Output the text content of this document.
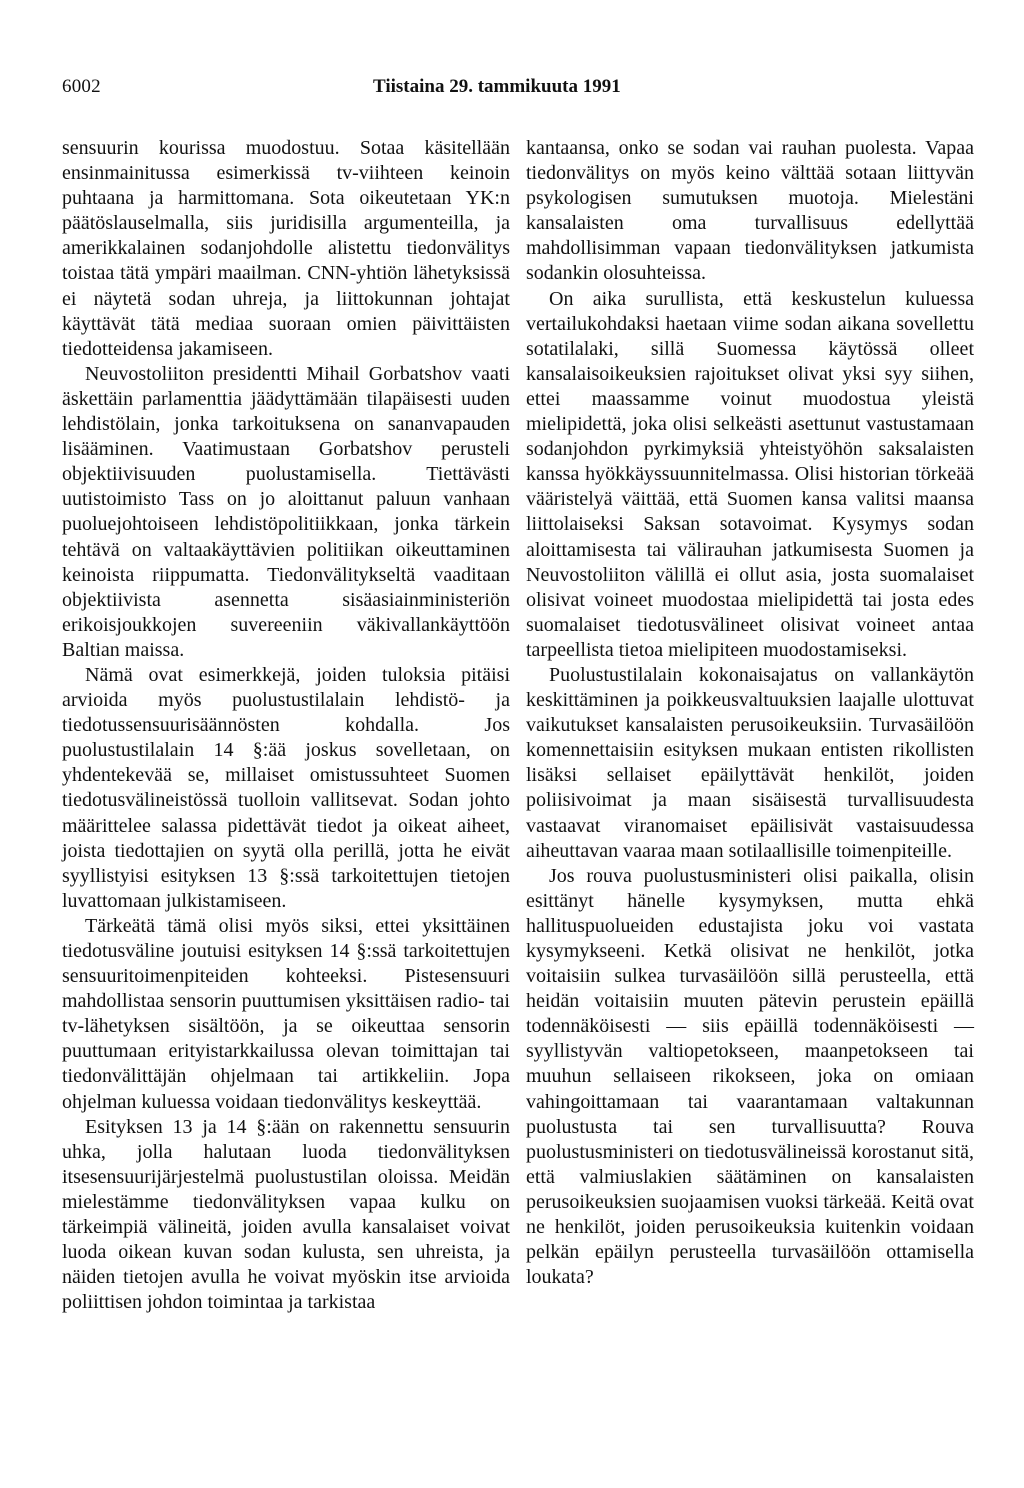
6002	Tiistaina 29. tammikuuta 1991

sensuurin kourissa muodostuu. Sotaa käsitellään ensinmainitussa esimerkissä tv-viihteen keinoin puhtaana ja harmittomana. Sota oikeutetaan YK:n päätöslauselmalla, siis juridisilla argumenteilla, ja amerikkalainen sodanjohdolle alistettu tiedonvälitys toistaa tätä ympäri maailman. CNN-yhtiön lähetyksissä ei näytetä sodan uhreja, ja liittokunnan johtajat käyttävät tätä mediaa suoraan omien päivittäisten tiedotteidensa jakamiseen.

Neuvostoliiton presidentti Mihail Gorbatshov vaati äskettäin parlamenttia jäädyttämään tilapäisesti uuden lehdistölain, jonka tarkoituksena on sananvapauden lisääminen. Vaatimustaan Gorbatshov perusteli objektiivisuuden puolustamisella. Tiettävästi uutistoimisto Tass on jo aloittanut paluun vanhaan puoluejohtoiseen lehdistöpolitiikkaan, jonka tärkein tehtävä on valtaakäyttävien politiikan oikeuttaminen keinoista riippumatta. Tiedonvälitykseltä vaaditaan objektiivista asennetta sisäasiainministeriön erikoisjoukkojen suvereeniin väkivallankäyttöön Baltian maissa.

Nämä ovat esimerkkejä, joiden tuloksia pitäisi arvioida myös puolustustilalain lehdistö- ja tiedotussensuurisäännösten kohdalla. Jos puolustustilalain 14 §:ää joskus sovelletaan, on yhdentekevää se, millaiset omistussuhteet Suomen tiedotusvälineistössä tuolloin vallitsevat. Sodan johto määrittelee salassa pidettävät tiedot ja oikeat aiheet, joista tiedottajien on syytä olla perillä, jotta he eivät syyllistyisi esityksen 13 §:ssä tarkoitettujen tietojen luvattomaan julkistamiseen.

Tärkeätä tämä olisi myös siksi, ettei yksittäinen tiedotusväline joutuisi esityksen 14 §:ssä tarkoitettujen sensuuritoimenpiteiden kohteeksi. Pistesensuuri mahdollistaa sensorin puuttumisen yksittäisen radio- tai tv-lähetyksen sisältöön, ja se oikeuttaa sensorin puuttumaan erityistarkkailussa olevan toimittajan tai tiedonvälittäjän ohjelmaan tai artikkeliin. Jopa ohjelman kuluessa voidaan tiedonvälitys keskeyttää.

Esityksen 13 ja 14 §:ään on rakennettu sensuurin uhka, jolla halutaan luoda tiedonvälityksen itsesensuurijärjestelmä puolustustilan oloissa. Meidän mielestämme tiedonvälityksen vapaa kulku on tärkeimpiä välineitä, joiden avulla kansalaiset voivat luoda oikean kuvan sodan kulusta, sen uhreista, ja näiden tietojen avulla he voivat myöskin itse arvioida poliittisen johdon toimintaa ja tarkistaa

kantaansa, onko se sodan vai rauhan puolesta. Vapaa tiedonvälitys on myös keino välttää sotaan liittyvän psykologisen sumutuksen muotoja. Mielestäni kansalaisten oma turvallisuus edellyttää mahdollisimman vapaan tiedonvälityksen jatkumista sodankin olosuhteissa.

On aika surullista, että keskustelun kuluessa vertailukohdaksi haetaan viime sodan aikana sovellettu sotatilalaki, sillä Suomessa käytössä olleet kansalaisoikeuksien rajoitukset olivat yksi syy siihen, ettei maassamme voinut muodostua yleistä mielipidettä, joka olisi selkeästi asettunut vastustamaan sodanjohdon pyrkimyksiä yhteistyöhön saksalaisten kanssa hyökkäyssuunnitelmassa. Olisi historian törkeää vääristelyä väittää, että Suomen kansa valitsi maansa liittolaiseksi Saksan sotavoimat. Kysymys sodan aloittamisesta tai välirauhan jatkumisesta Suomen ja Neuvostoliiton välillä ei ollut asia, josta suomalaiset olisivat voineet muodostaa mielipidettä tai josta edes suomalaiset tiedotusvälineet olisivat voineet antaa tarpeellista tietoa mielipiteen muodostamiseksi.

Puolustustilalain kokonaisajatus on vallankäytön keskittäminen ja poikkeusvaltuuksien laajalle ulottuvat vaikutukset kansalaisten perusoikeuksiin. Turvasäilöön komennettaisiin esityksen mukaan entisten rikollisten lisäksi sellaiset epäilyttävät henkilöt, joiden poliisivoimat ja maan sisäisestä turvallisuudesta vastaavat viranomaiset epäilisivät vastaisuudessa aiheuttavan vaaraa maan sotilaallisille toimenpiteille.

Jos rouva puolustusministeri olisi paikalla, olisin esittänyt hänelle kysymyksen, mutta ehkä hallituspuolueiden edustajista joku voi vastata kysymykseeni. Ketkä olisivat ne henkilöt, jotka voitaisiin sulkea turvasäilöön sillä perusteella, että heidän voitaisiin muuten pätevin perustein epäillä todennäköisesti — siis epäillä todennäköisesti — syyllistyvän valtiopetokseen, maanpetokseen tai muuhun sellaiseen rikokseen, joka on omiaan vahingoittamaan tai vaarantamaan valtakunnan puolustusta tai sen turvallisuutta? Rouva puolustusministeri on tiedotusvälineissä korostanut sitä, että valmiuslakien säätäminen on kansalaisten perusoikeuksien suojaamisen vuoksi tärkeää. Keitä ovat ne henkilöt, joiden perusoikeuksia kuitenkin voidaan pelkän epäilyn perusteella turvasäilöön ottamisella loukata?
